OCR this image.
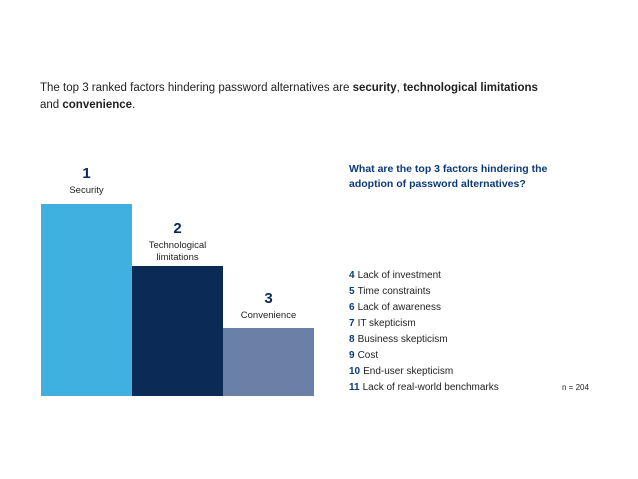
The top 3 ranked factors hindering password alternatives are security, technological limitations
and convenience.
1
Security
2
Technological
limitations
3
Convenience
What are the top 3 factors hindering the adoption of password alternatives?
4 Lack of investment
5 Time constraints
6 Lack of awareness
7 IT skepticism
8 Business skepticism
9 Cost
10 End-user skepticism
11 Lack of real-world benchmarks	n = 204
